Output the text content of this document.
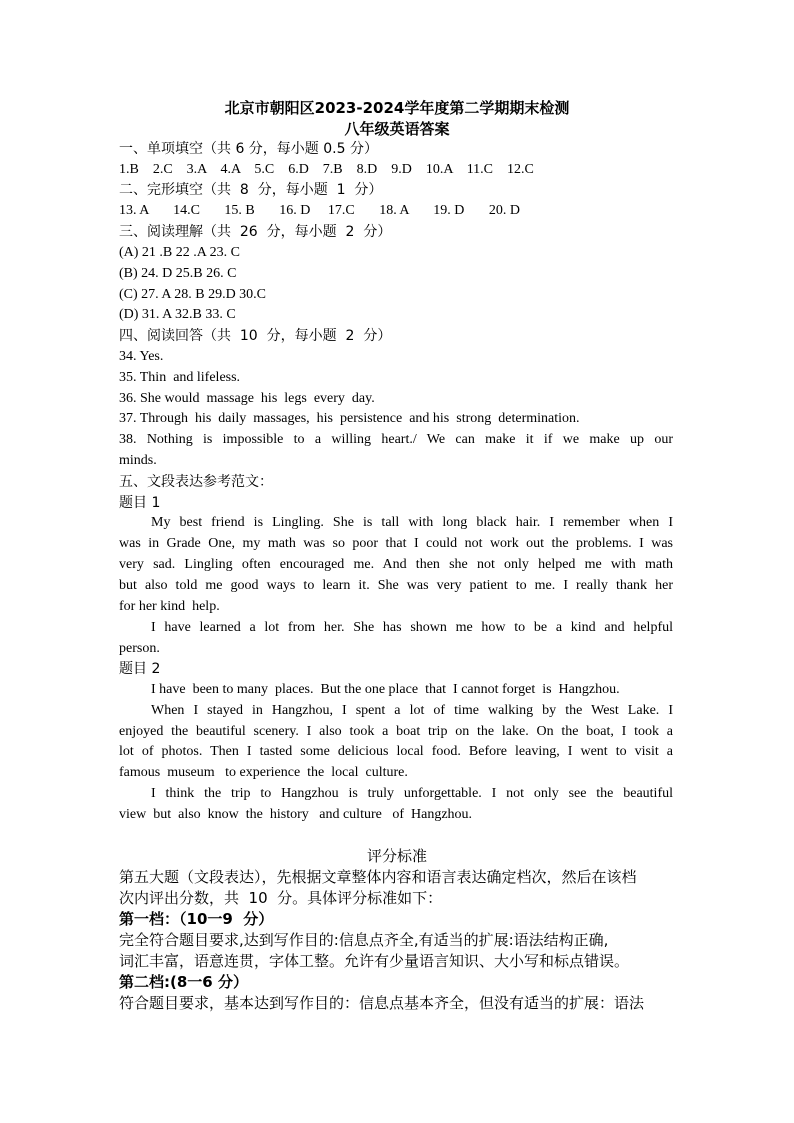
北京市朝阳区2023-2024学年度第二学期期末检测
八年级英语答案
一、单项填空（共 6 分，每小题 0.5 分）
1.B    2.C    3.A    4.A    5.C    6.D    7.B    8.D    9.D    10.A    11.C    12.C
二、完形填空（共  8  分，每小题  1  分）
13. A       14.C       15. B       16. D     17.C       18. A       19. D       20. D
三、阅读理解（共  26  分，每小题  2  分）
(A) 21 .B 22 .A 23. C
(B) 24. D 25.B 26. C
(C) 27. A 28. B 29.D 30.C
(D) 31. A 32.B 33. C
四、阅读回答（共  10  分，每小题  2  分）
34. Yes.
35. Thin  and lifeless.
36. She would  massage  his  legs  every  day.
37. Through  his  daily  massages,  his  persistence  and his  strong  determination.
38. Nothing is impossible to a willing heart./ We can make it if we make up our
minds.
五、文段表达参考范文：
题目 1
My best friend is Lingling. She is tall with long black hair. I remember when I
was in Grade One, my math was so poor that I could not work out the problems. I was
very sad. Lingling often encouraged me. And then she not only helped me with math
but also told me good ways to learn it. She was very patient to me. I really thank her
for her kind  help.
I have learned a lot from her. She has shown me how to be a kind and helpful
person.
题目 2
I have  been to many  places.  But the one place  that  I cannot forget  is  Hangzhou.
When I stayed in Hangzhou, I spent a lot of time walking by the West Lake. I
enjoyed the beautiful scenery. I also took a boat trip on the lake. On the boat, I took a
lot of photos. Then I tasted some delicious local food. Before leaving, I went to visit a
famous  museum   to experience  the  local  culture.
I think the trip to Hangzhou is truly unforgettable. I not only see the beautiful
view  but  also  know  the  history   and culture   of  Hangzhou.
评分标准
第五大题（文段表达），先根据文章整体内容和语言表达确定档次，然后在该档
次内评出分数，共  10  分。具体评分标准如下：
第一档：（10一9  分）
完全符合题目要求,达到写作目的:信息点齐全,有适当的扩展:语法结构正确,
词汇丰富，语意连贯，字体工整。允许有少量语言知识、大小写和标点错误。
第二档:(8一6 分）
符合题目要求，基本达到写作目的：信息点基本齐全，但没有适当的扩展：语法
